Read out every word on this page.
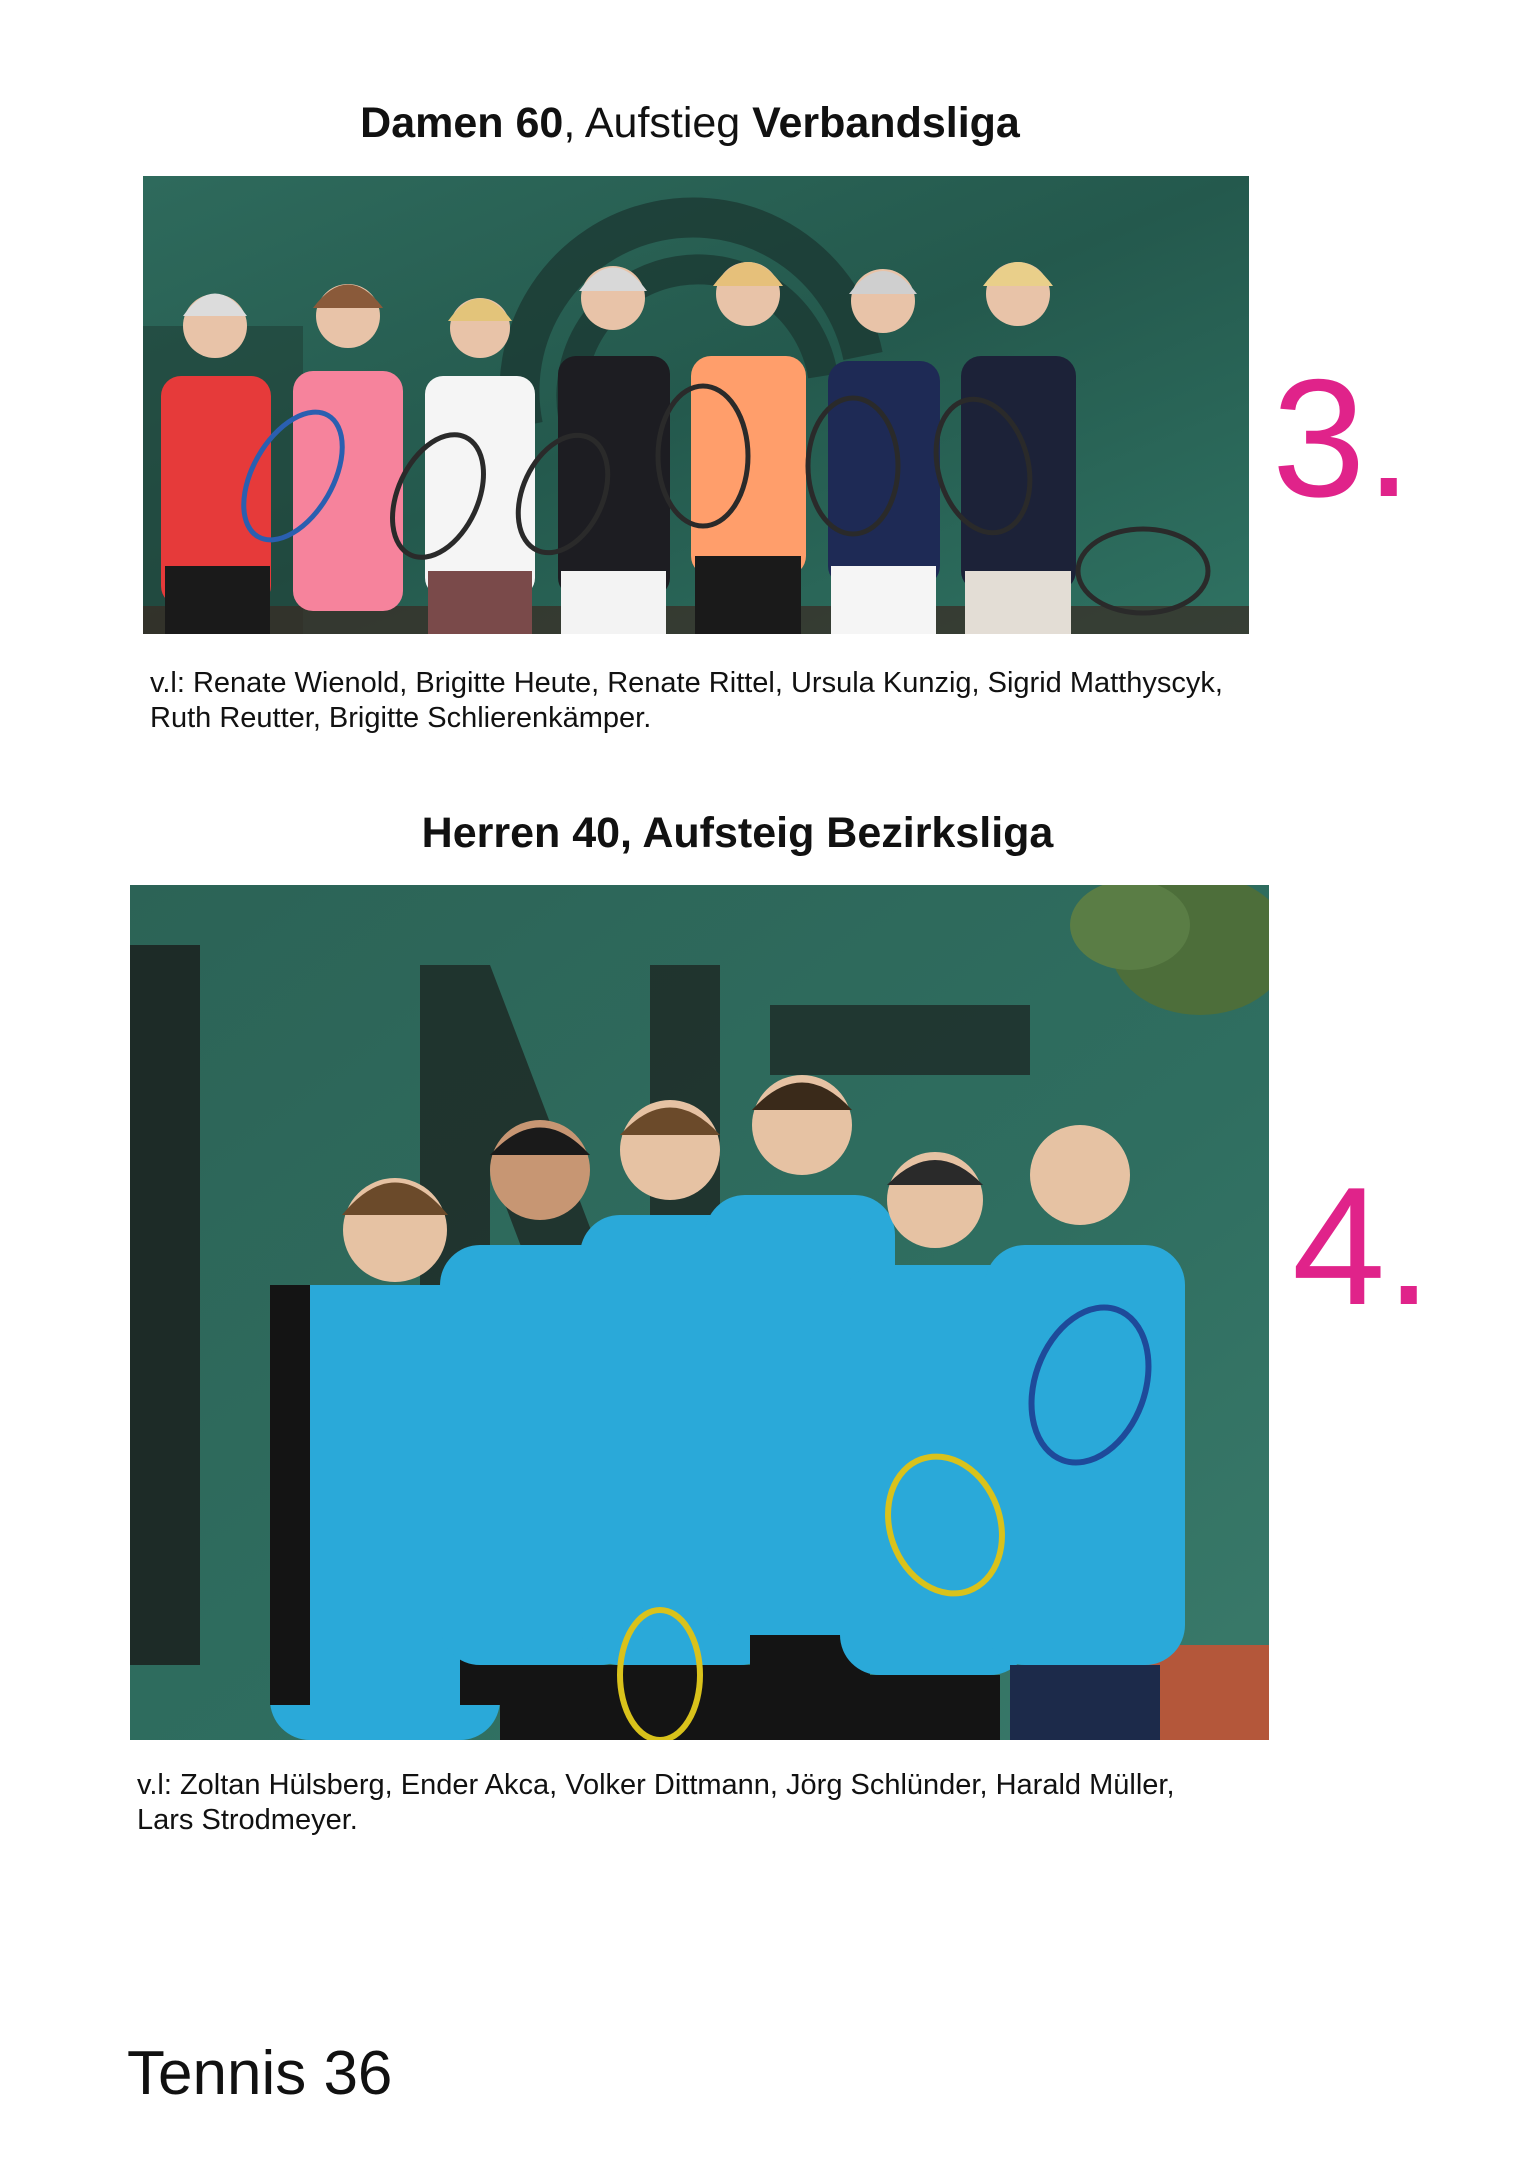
Damen 60, Aufstieg Verbandsliga
3.
v.l: Renate Wienold, Brigitte Heute, Renate Rittel, Ursula Kunzig, Sigrid Matthyscyk,
Ruth Reutter, Brigitte Schlierenkämper.
Herren 40, Aufsteig Bezirksliga
4.
v.l: Zoltan Hülsberg, Ender Akca, Volker Dittmann, Jörg Schlünder, Harald Müller,
Lars Strodmeyer.
Tennis 36
